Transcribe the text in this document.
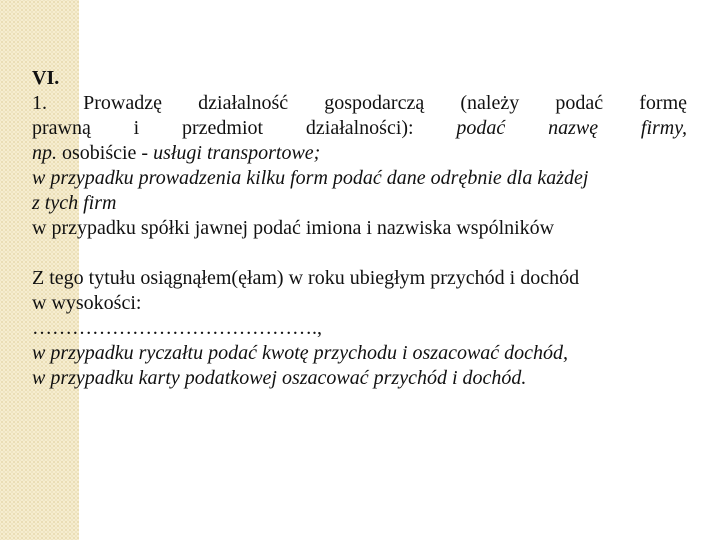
VI.
1. Prowadzę działalność gospodarczą (należy podać formę
prawną i przedmiot działalności): podać nazwę firmy,
np. osobiście - usługi transportowe;
w przypadku prowadzenia kilku form podać dane odrębnie dla każdej
z tych firm
w przypadku spółki jawnej podać imiona i nazwiska wspólników
Z tego tytułu osiągnąłem(ęłam) w roku ubiegłym przychód i dochód
w wysokości:
…………………………………….,
w przypadku ryczałtu podać kwotę przychodu i oszacować dochód,
w przypadku karty podatkowej oszacować przychód i dochód.
